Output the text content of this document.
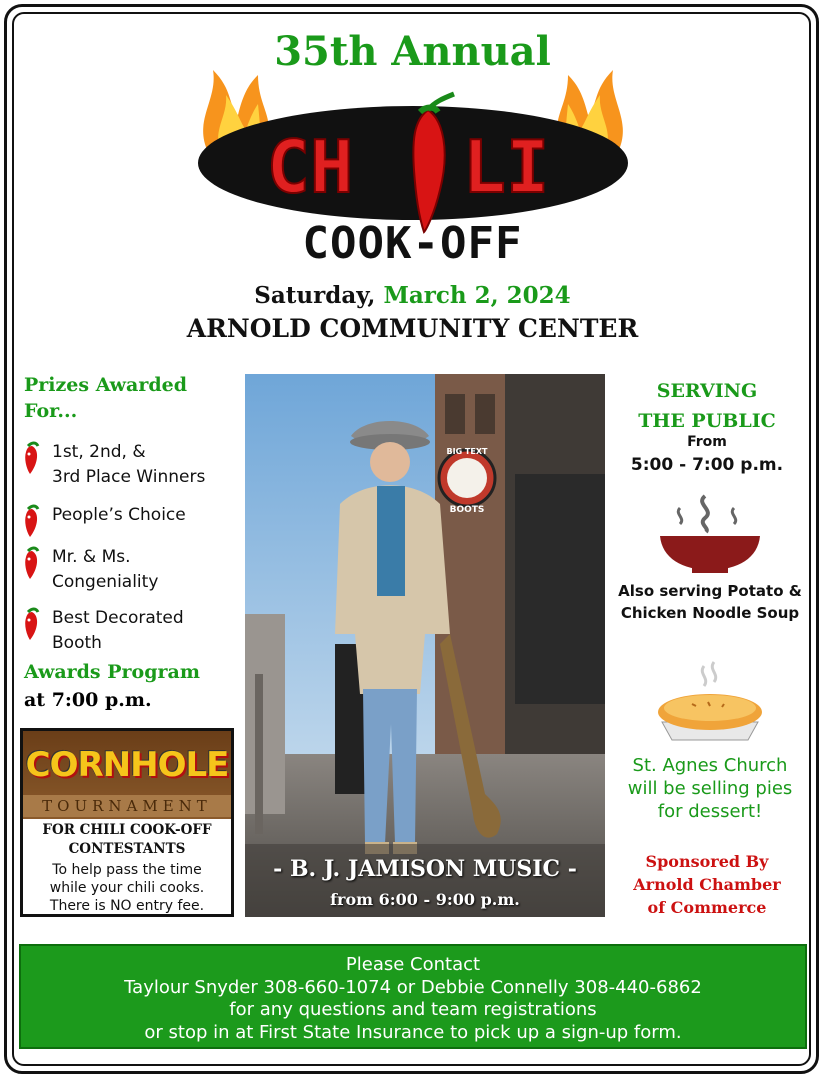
35th Annual
CH LI
COOK-OFF
Saturday, March 2, 2024
ARNOLD COMMUNITY CENTER
Prizes Awarded
For...
1st, 2nd, &
3rd Place Winners
People’s Choice
Mr. & Ms.
Congeniality
Best Decorated
Booth
Awards Program
at 7:00 p.m.
CORNHOLE
TOURNAMENT
FOR CHILI COOK-OFF
CONTESTANTS
To help pass the time
while your chili cooks.
There is NO entry fee.
BIG TEXT
BOOTS
- B. J. JAMISON MUSIC -
from 6:00 - 9:00 p.m.
SERVING
THE PUBLIC
From
5:00 - 7:00 p.m.
Also serving Potato &
Chicken Noodle Soup
St. Agnes Church
will be selling pies
for dessert!
Sponsored By
Arnold Chamber
of Commerce
Please Contact
Taylour Snyder 308-660-1074 or Debbie Connelly 308-440-6862
for any questions and team registrations
or stop in at First State Insurance to pick up a sign-up form.
